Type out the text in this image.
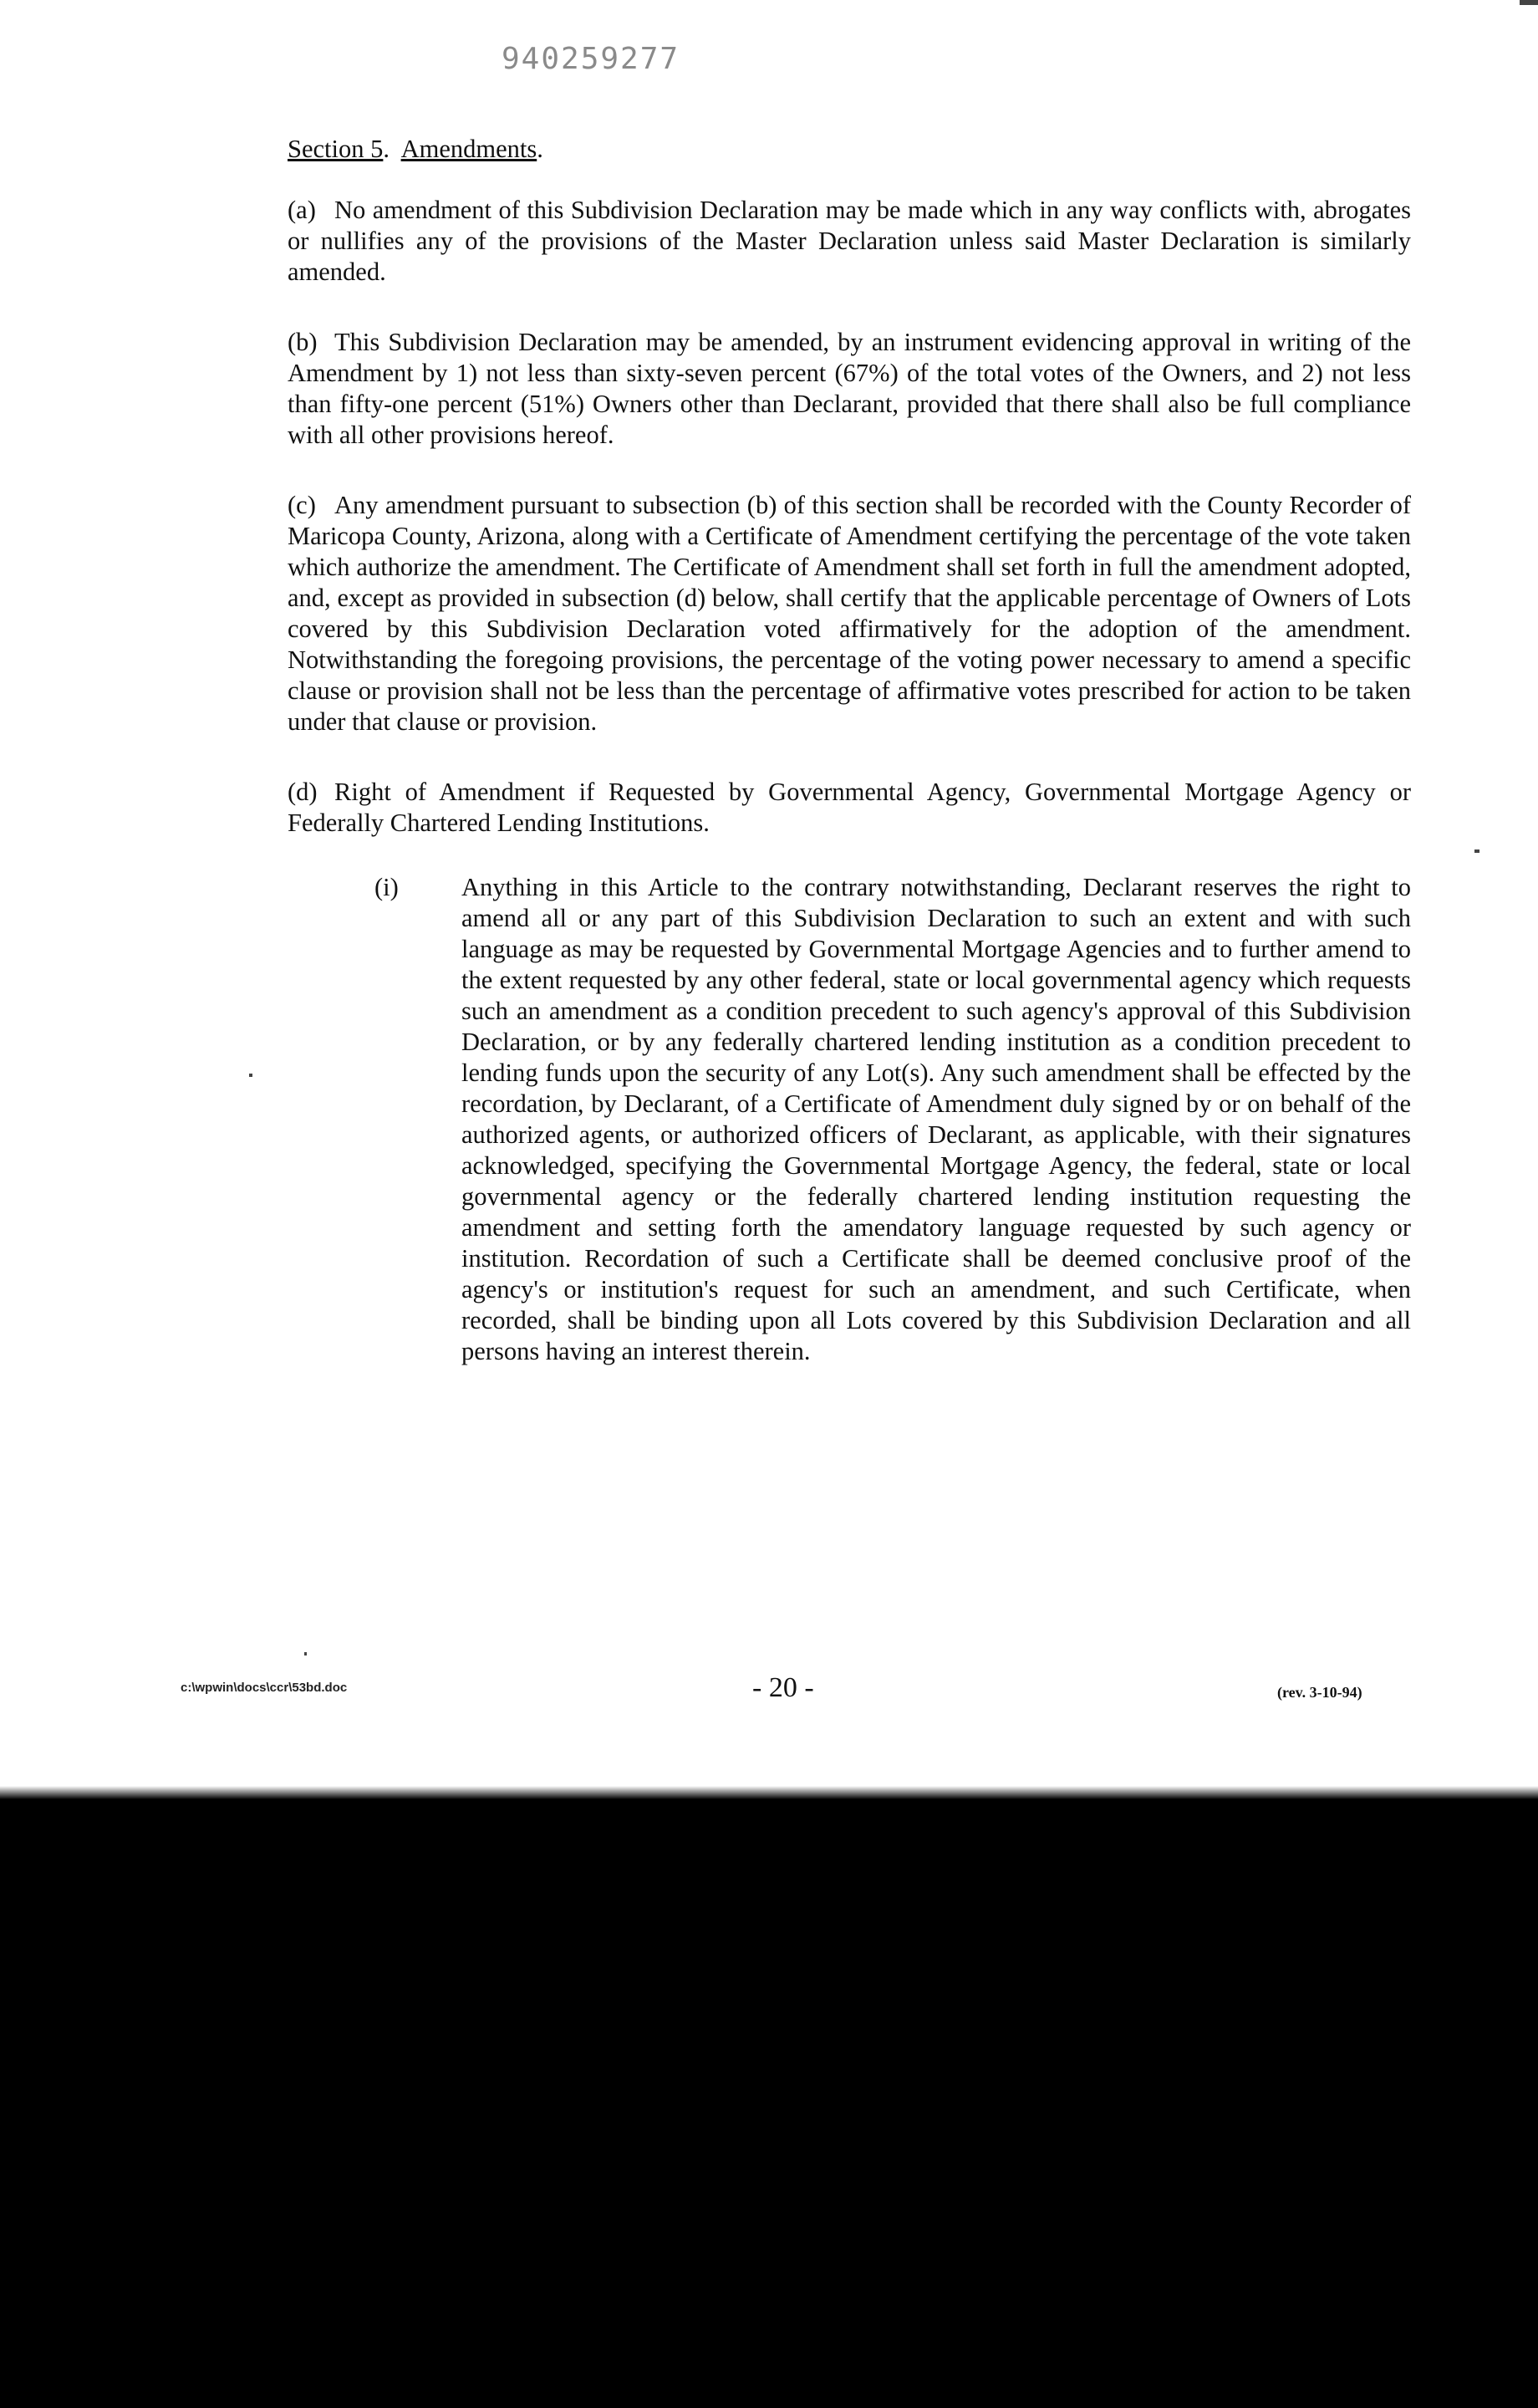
940259277

Section 5.  Amendments.

(a) No amendment of this Subdivision Declaration may be made which in any way conflicts with, abrogates or nullifies any of the provisions of the Master Declaration unless said Master Declaration is similarly amended.

(b) This Subdivision Declaration may be amended, by an instrument evidencing approval in writing of the Amendment by 1) not less than sixty-seven percent (67%) of the total votes of the Owners, and 2) not less than fifty-one percent (51%) Owners other than Declarant, provided that there shall also be full compliance with all other provisions hereof.

(c) Any amendment pursuant to subsection (b) of this section shall be recorded with the County Recorder of Maricopa County, Arizona, along with a Certificate of Amendment certifying the percentage of the vote taken which authorize the amendment. The Certificate of Amendment shall set forth in full the amendment adopted, and, except as provided in subsection (d) below, shall certify that the applicable percentage of Owners of Lots covered by this Subdivision Declaration voted affirmatively for the adoption of the amendment. Notwithstanding the foregoing provisions, the percentage of the voting power necessary to amend a specific clause or provision shall not be less than the percentage of affirmative votes prescribed for action to be taken under that clause or provision.

(d) Right of Amendment if Requested by Governmental Agency, Governmental Mortgage Agency or Federally Chartered Lending Institutions.

(i) Anything in this Article to the contrary notwithstanding, Declarant reserves the right to amend all or any part of this Subdivision Declaration to such an extent and with such language as may be requested by Governmental Mortgage Agencies and to further amend to the extent requested by any other federal, state or local governmental agency which requests such an amendment as a condition precedent to such agency's approval of this Subdivision Declaration, or by any federally chartered lending institution as a condition precedent to lending funds upon the security of any Lot(s). Any such amendment shall be effected by the recordation, by Declarant, of a Certificate of Amendment duly signed by or on behalf of the authorized agents, or authorized officers of Declarant, as applicable, with their signatures acknowledged, specifying the Governmental Mortgage Agency, the federal, state or local governmental agency or the federally chartered lending institution requesting the amendment and setting forth the amendatory language requested by such agency or institution. Recordation of such a Certificate shall be deemed conclusive proof of the agency's or institution's request for such an amendment, and such Certificate, when recorded, shall be binding upon all Lots covered by this Subdivision Declaration and all persons having an interest therein.
c:\wpwin\docs\ccr\53bd.doc	- 20 -	(rev. 3-10-94)
